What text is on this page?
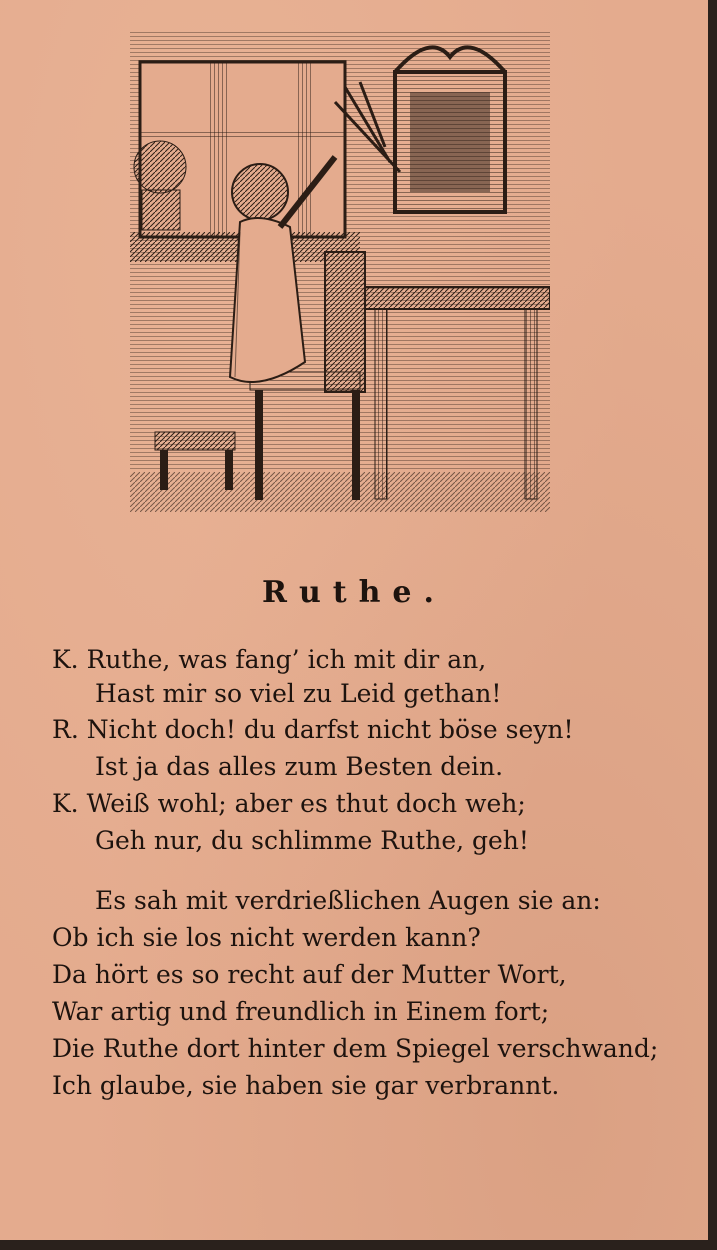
Ruthe.
K. Ruthe, was fang’ ich mit dir an,
Hast mir so viel zu Leid gethan!
R. Nicht doch! du darfst nicht böse seyn!
Ist ja das alles zum Besten dein.
K. Weiß wohl; aber es thut doch weh;
Geh nur, du schlimme Ruthe, geh!
Es sah mit verdrießlichen Augen sie an:
Ob ich sie los nicht werden kann?
Da hört es so recht auf der Mutter Wort,
War artig und freundlich in Einem fort;
Die Ruthe dort hinter dem Spiegel verschwand;
Ich glaube, sie haben sie gar verbrannt.
